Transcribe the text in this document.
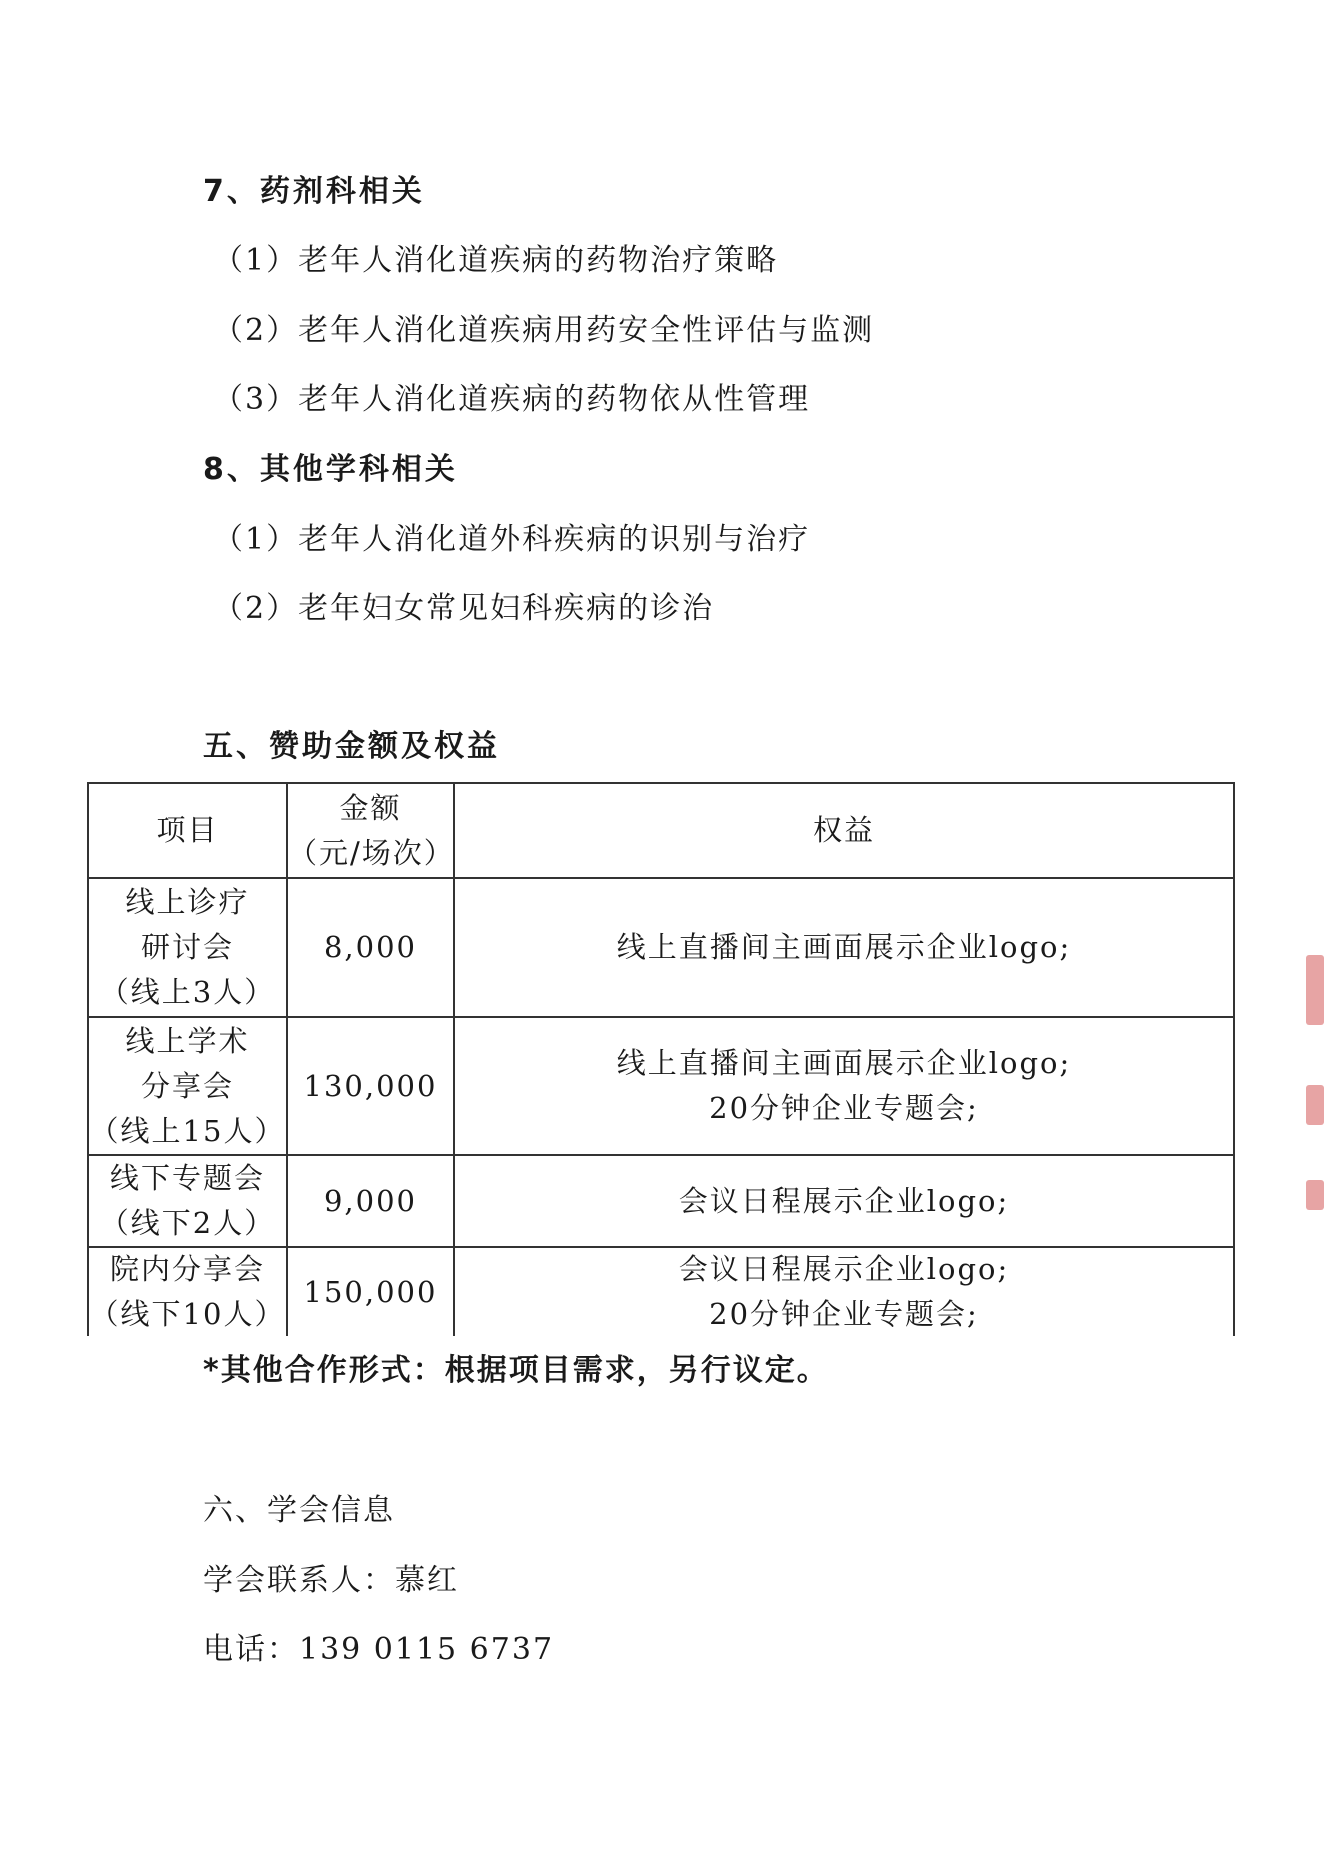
7、药剂科相关
（1）老年人消化道疾病的药物治疗策略
（2）老年人消化道疾病用药安全性评估与监测
（3）老年人消化道疾病的药物依从性管理
8、其他学科相关
（1）老年人消化道外科疾病的识别与治疗
（2）老年妇女常见妇科疾病的诊治
五、赞助金额及权益
项目
金额
（元/场次）
权益
线上诊疗
研讨会
（线上3人）
8,000	线上直播间主画面展示企业logo;
线上学术
分享会
（线上15人）
130,000
线上直播间主画面展示企业logo;
20分钟企业专题会;
线下专题会
（线下2人）
9,000	会议日程展示企业logo;
院内分享会
（线下10人）
150,000
会议日程展示企业logo;
20分钟企业专题会;
*其他合作形式：根据项目需求，另行议定。
六、学会信息
学会联系人：慕红
电话：139 0115 6737
